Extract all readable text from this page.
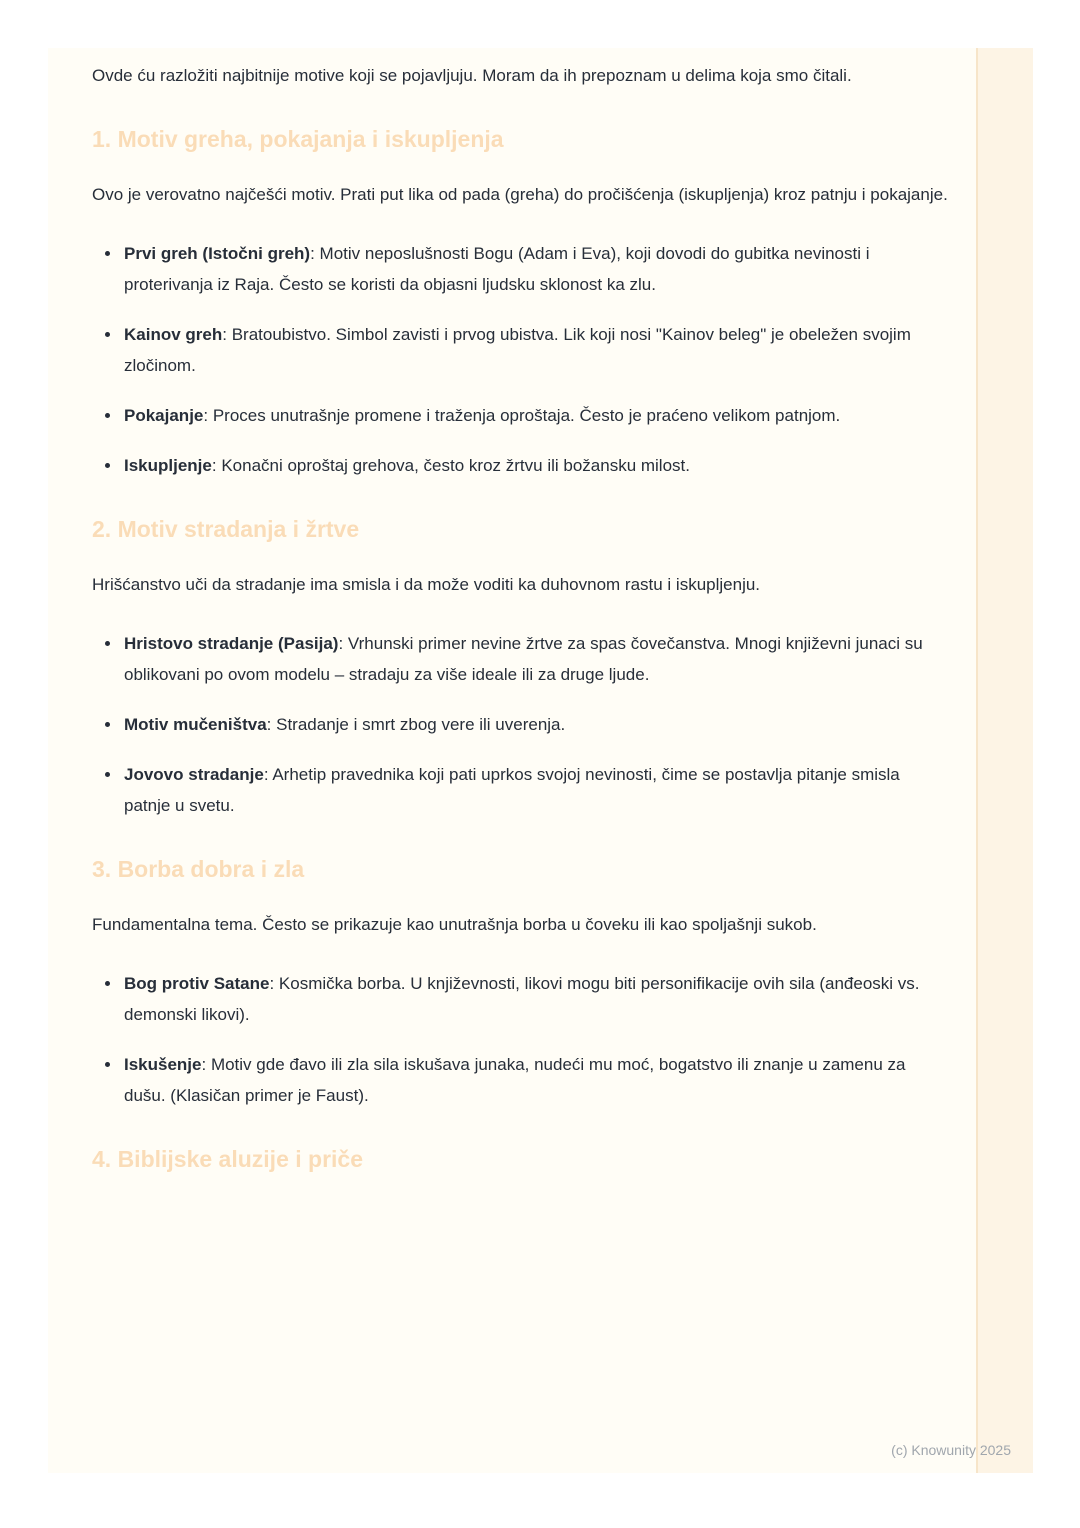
Ovde ću razložiti najbitnije motive koji se pojavljuju. Moram da ih prepoznam u delima koja smo čitali.

1. Motiv greha, pokajanja i iskupljenja

Ovo je verovatno najčešći motiv. Prati put lika od pada (greha) do pročišćenja (iskupljenja) kroz patnju i pokajanje.

Prvi greh (Istočni greh): Motiv neposlušnosti Bogu (Adam i Eva), koji dovodi do gubitka nevinosti i proterivanja iz Raja. Često se koristi da objasni ljudsku sklonost ka zlu.
Kainov greh: Bratoubistvo. Simbol zavisti i prvog ubistva. Lik koji nosi "Kainov beleg" je obeležen svojim zločinom.
Pokajanje: Proces unutrašnje promene i traženja oproštaja. Često je praćeno velikom patnjom.
Iskupljenje: Konačni oproštaj grehova, često kroz žrtvu ili božansku milost.
2. Motiv stradanja i žrtve

Hrišćanstvo uči da stradanje ima smisla i da može voditi ka duhovnom rastu i iskupljenju.

Hristovo stradanje (Pasija): Vrhunski primer nevine žrtve za spas čovečanstva. Mnogi književni junaci su oblikovani po ovom modelu – stradaju za više ideale ili za druge ljude.
Motiv mučeništva: Stradanje i smrt zbog vere ili uverenja.
Jovovo stradanje: Arhetip pravednika koji pati uprkos svojoj nevinosti, čime se postavlja pitanje smisla patnje u svetu.
3. Borba dobra i zla

Fundamentalna tema. Često se prikazuje kao unutrašnja borba u čoveku ili kao spoljašnji sukob.

Bog protiv Satane: Kosmička borba. U književnosti, likovi mogu biti personifikacije ovih sila (anđeoski vs. demonski likovi).
Iskušenje: Motiv gde đavo ili zla sila iskušava junaka, nudeći mu moć, bogatstvo ili znanje u zamenu za dušu. (Klasičan primer je Faust).
4. Biblijske aluzije i priče
(c) Knowunity 2025
